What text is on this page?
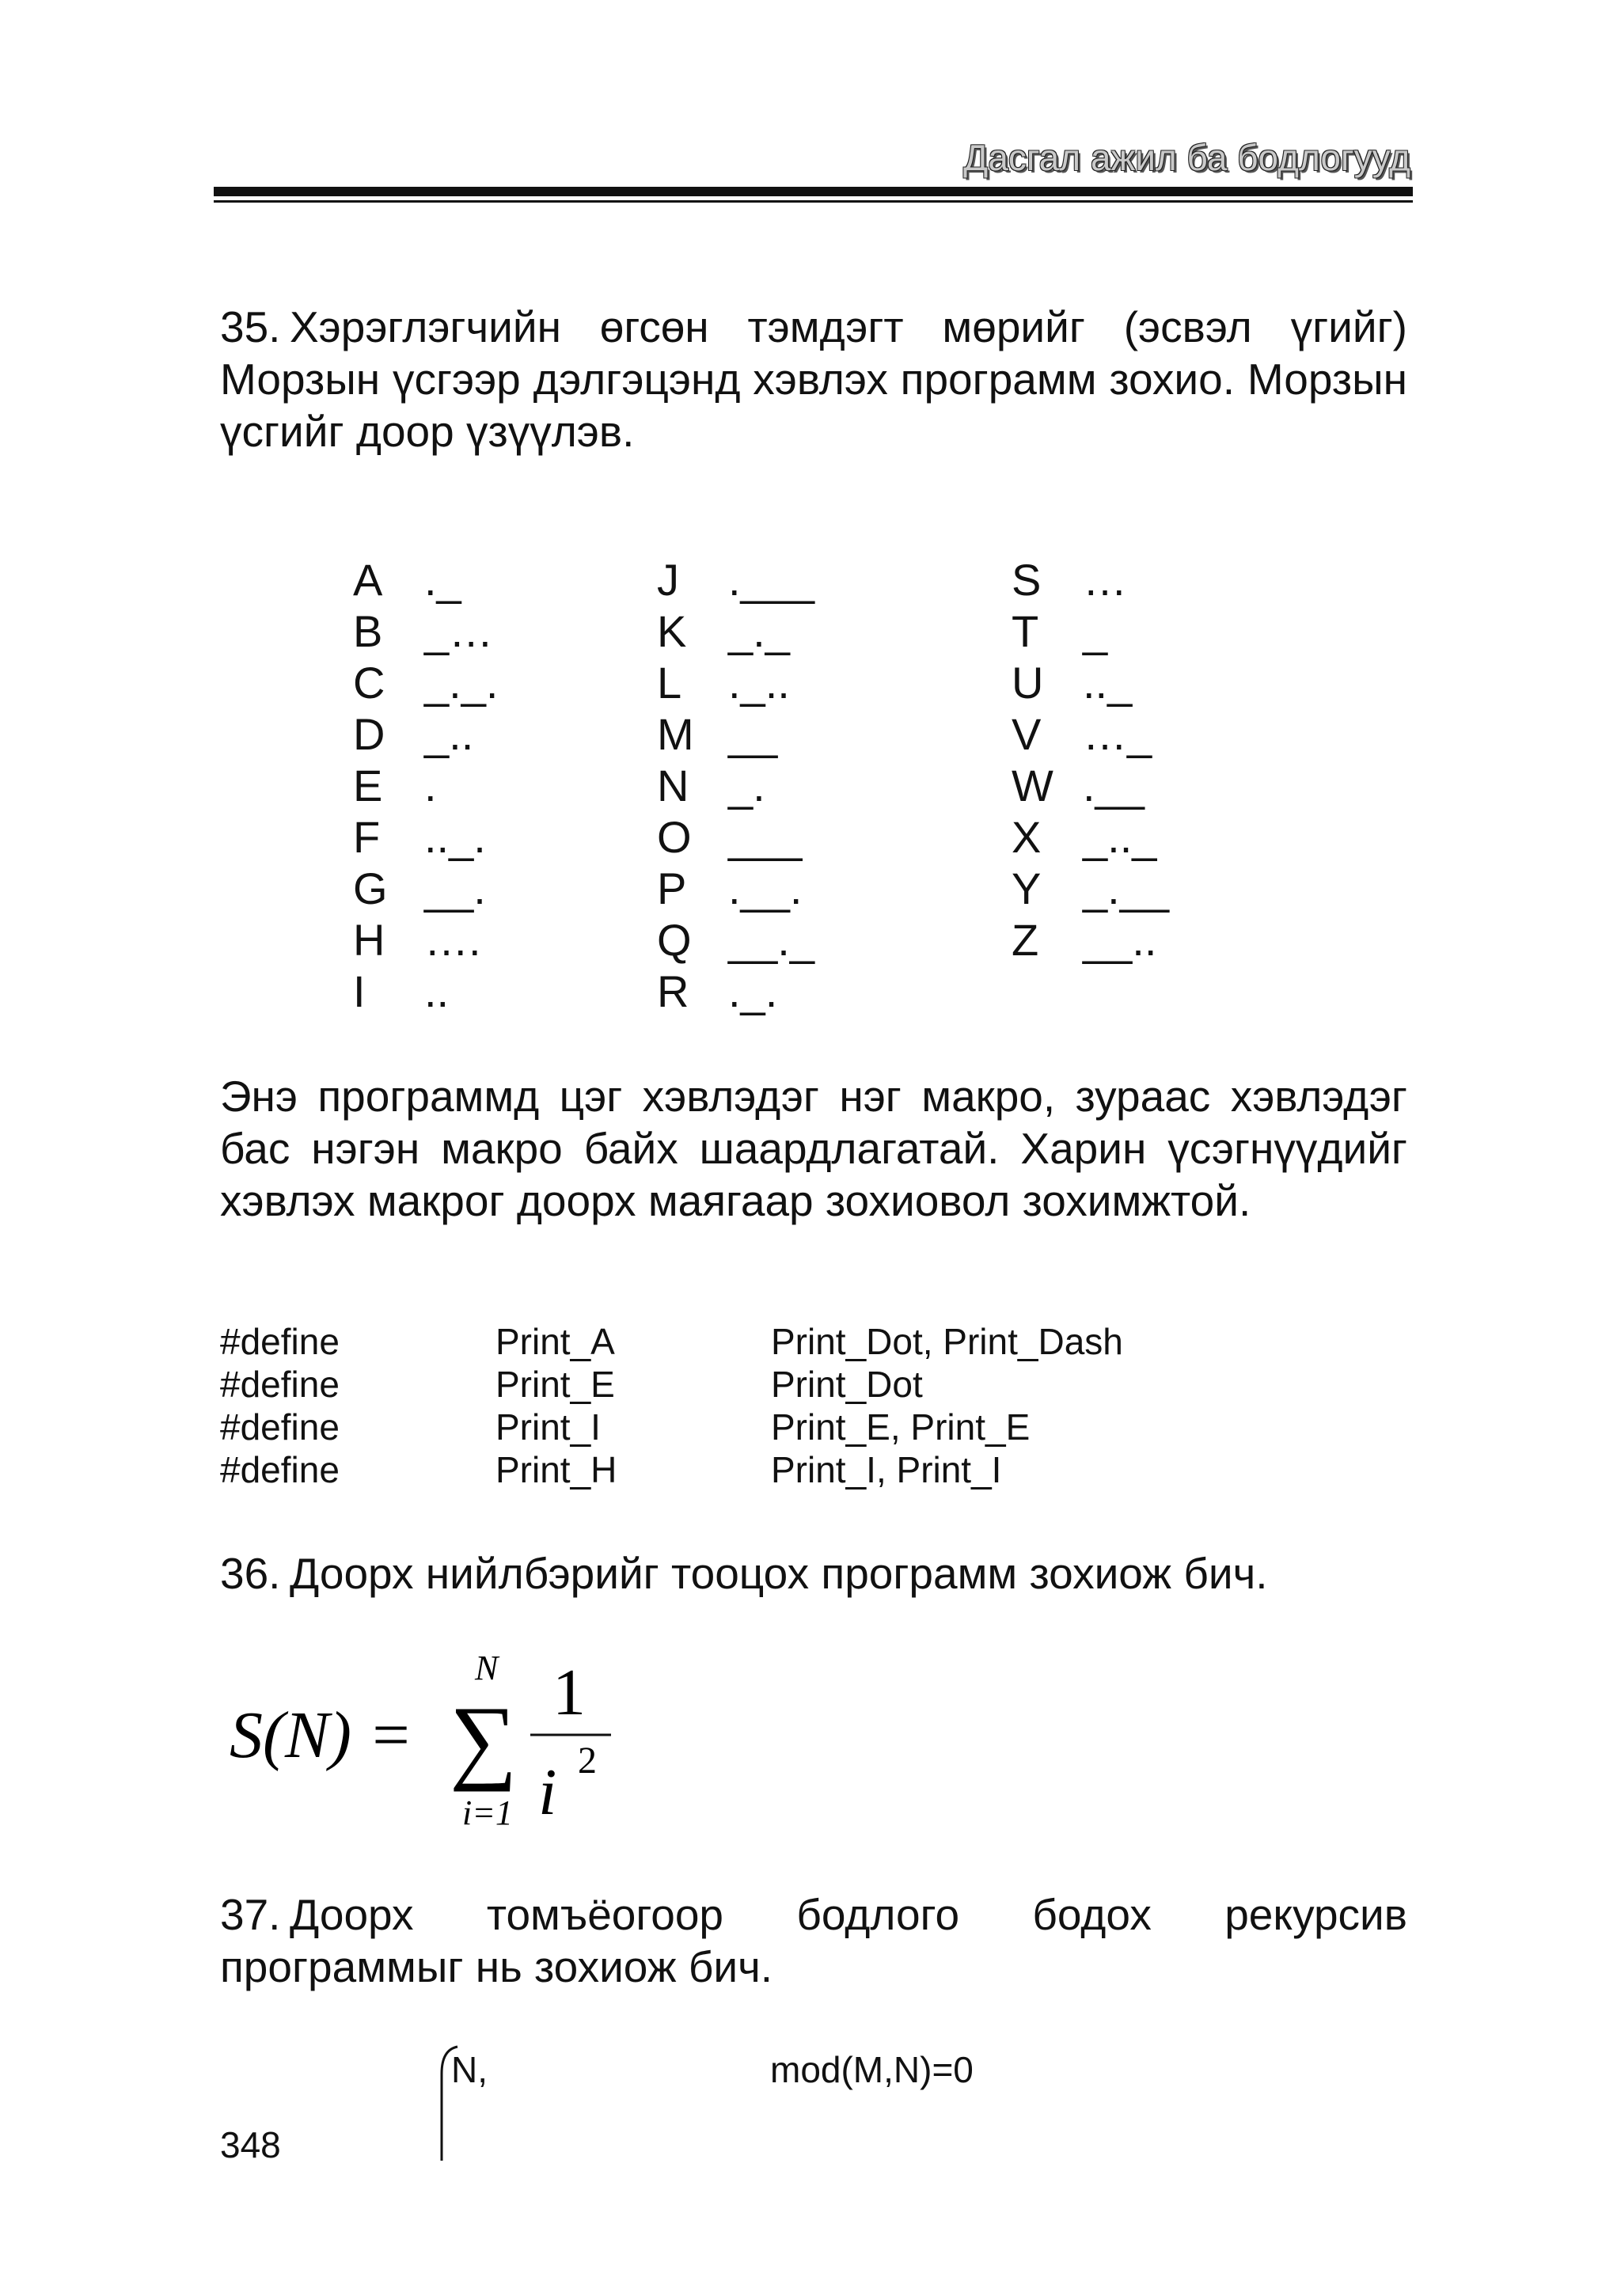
Дасгал ажил ба бодлогууд
35. Хэрэглэгчийн өгсөн тэмдэгт мөрийг (эсвэл үгийг) Морзын үсгээр дэлгэцэнд хэвлэх программ зохио. Морзын үсгийг доор үзүүлэв.
A ._
B _…
C _._.
D _..
E .
F .._.
G __.
H ….
I	..
J	.___
K _._
L	._..
M __
N _.
O ___
P .__.
Q __._
R ._.
S …
T _
U .._
V …_
W .__
X _.._
Y _.__
Z __..
Энэ программд цэг хэвлэдэг нэг макро, зураас хэвлэдэг бас нэгэн макро байх шаардлагатай. Харин үсэгнүүдийг хэвлэх макрог доорх маягаар зохиовол зохимжтой.
#define	Print_A	Print_Dot, Print_Dash
#define	Print_E	Print_Dot
#define	Print_I	Print_E, Print_E
#define	Print_H	Print_I, Print_I
36. Доорх нийлбэрийг тооцох программ зохиож бич.
S(N) = ∑
N
i=1
1
i 2
37. Доорх томъёогоор бодлого бодох рекурсив программыг нь зохиож бич.
N,	mod(M,N)=0
348
